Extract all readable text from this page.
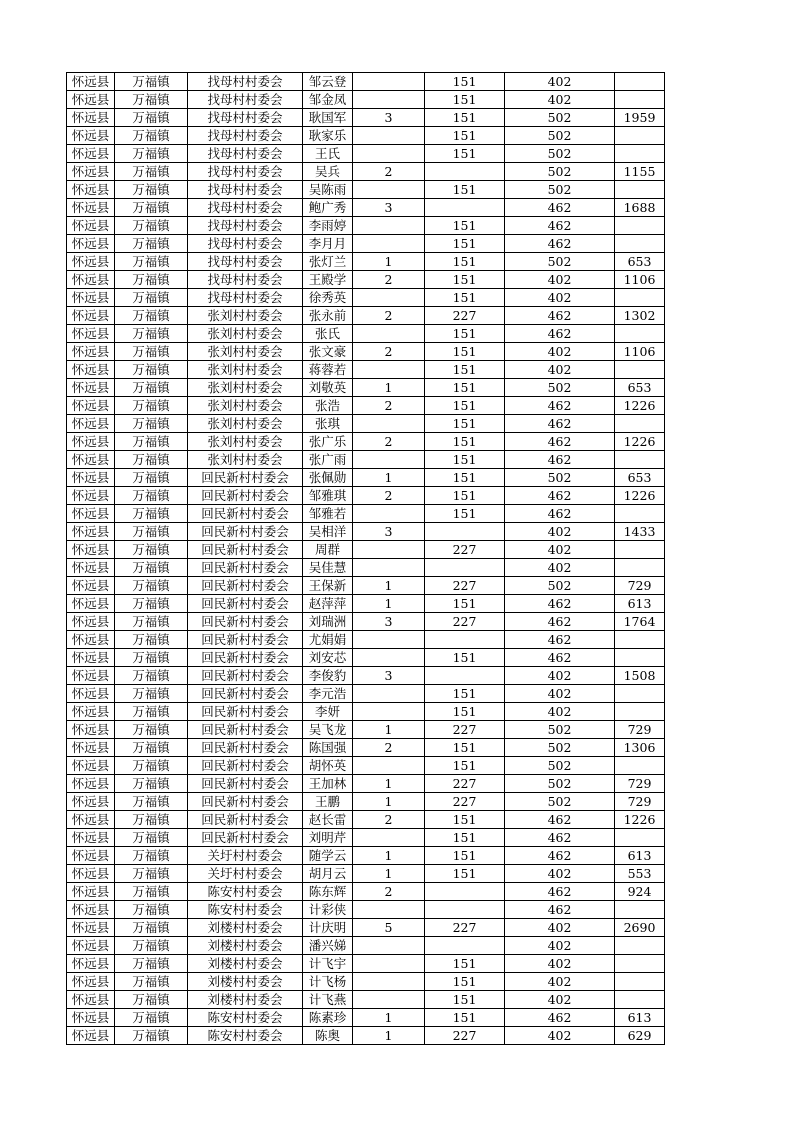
怀远县	万福镇	找母村村委会	邹云登		151	402	
怀远县	万福镇	找母村村委会	邹金凤		151	402	
怀远县	万福镇	找母村村委会	耿国军	3	151	502	1959
怀远县	万福镇	找母村村委会	耿家乐		151	502	
怀远县	万福镇	找母村村委会	王氏		151	502	
怀远县	万福镇	找母村村委会	吴兵	2		502	1155
怀远县	万福镇	找母村村委会	吴陈雨		151	502	
怀远县	万福镇	找母村村委会	鲍广秀	3		462	1688
怀远县	万福镇	找母村村委会	李雨婷		151	462	
怀远县	万福镇	找母村村委会	李月月		151	462	
怀远县	万福镇	找母村村委会	张灯兰	1	151	502	653
怀远县	万福镇	找母村村委会	王殿学	2	151	402	1106
怀远县	万福镇	找母村村委会	徐秀英		151	402	
怀远县	万福镇	张刘村村委会	张永前	2	227	462	1302
怀远县	万福镇	张刘村村委会	张氏		151	462	
怀远县	万福镇	张刘村村委会	张文豪	2	151	402	1106
怀远县	万福镇	张刘村村委会	蒋蓉若		151	402	
怀远县	万福镇	张刘村村委会	刘敬英	1	151	502	653
怀远县	万福镇	张刘村村委会	张浩	2	151	462	1226
怀远县	万福镇	张刘村村委会	张琪		151	462	
怀远县	万福镇	张刘村村委会	张广乐	2	151	462	1226
怀远县	万福镇	张刘村村委会	张广雨		151	462	
怀远县	万福镇	回民新村村委会	张佩勋	1	151	502	653
怀远县	万福镇	回民新村村委会	邹雅琪	2	151	462	1226
怀远县	万福镇	回民新村村委会	邹雅若		151	462	
怀远县	万福镇	回民新村村委会	吴相洋	3		402	1433
怀远县	万福镇	回民新村村委会	周群		227	402	
怀远县	万福镇	回民新村村委会	吴佳慧			402	
怀远县	万福镇	回民新村村委会	王保新	1	227	502	729
怀远县	万福镇	回民新村村委会	赵萍萍	1	151	462	613
怀远县	万福镇	回民新村村委会	刘瑞洲	3	227	462	1764
怀远县	万福镇	回民新村村委会	尤娟娟			462	
怀远县	万福镇	回民新村村委会	刘安芯		151	462	
怀远县	万福镇	回民新村村委会	李俊豹	3		402	1508
怀远县	万福镇	回民新村村委会	李元浩		151	402	
怀远县	万福镇	回民新村村委会	李妍		151	402	
怀远县	万福镇	回民新村村委会	吴飞龙	1	227	502	729
怀远县	万福镇	回民新村村委会	陈国强	2	151	502	1306
怀远县	万福镇	回民新村村委会	胡怀英		151	502	
怀远县	万福镇	回民新村村委会	王加林	1	227	502	729
怀远县	万福镇	回民新村村委会	王鹏	1	227	502	729
怀远县	万福镇	回民新村村委会	赵长雷	2	151	462	1226
怀远县	万福镇	回民新村村委会	刘明芹		151	462	
怀远县	万福镇	关圩村村委会	随学云	1	151	462	613
怀远县	万福镇	关圩村村委会	胡月云	1	151	402	553
怀远县	万福镇	陈安村村委会	陈东辉	2		462	924
怀远县	万福镇	陈安村村委会	计彩侠			462	
怀远县	万福镇	刘楼村村委会	计庆明	5	227	402	2690
怀远县	万福镇	刘楼村村委会	潘兴娣			402	
怀远县	万福镇	刘楼村村委会	计飞宇		151	402	
怀远县	万福镇	刘楼村村委会	计飞杨		151	402	
怀远县	万福镇	刘楼村村委会	计飞燕		151	402	
怀远县	万福镇	陈安村村委会	陈素珍	1	151	462	613
怀远县	万福镇	陈安村村委会	陈奥	1	227	402	629
